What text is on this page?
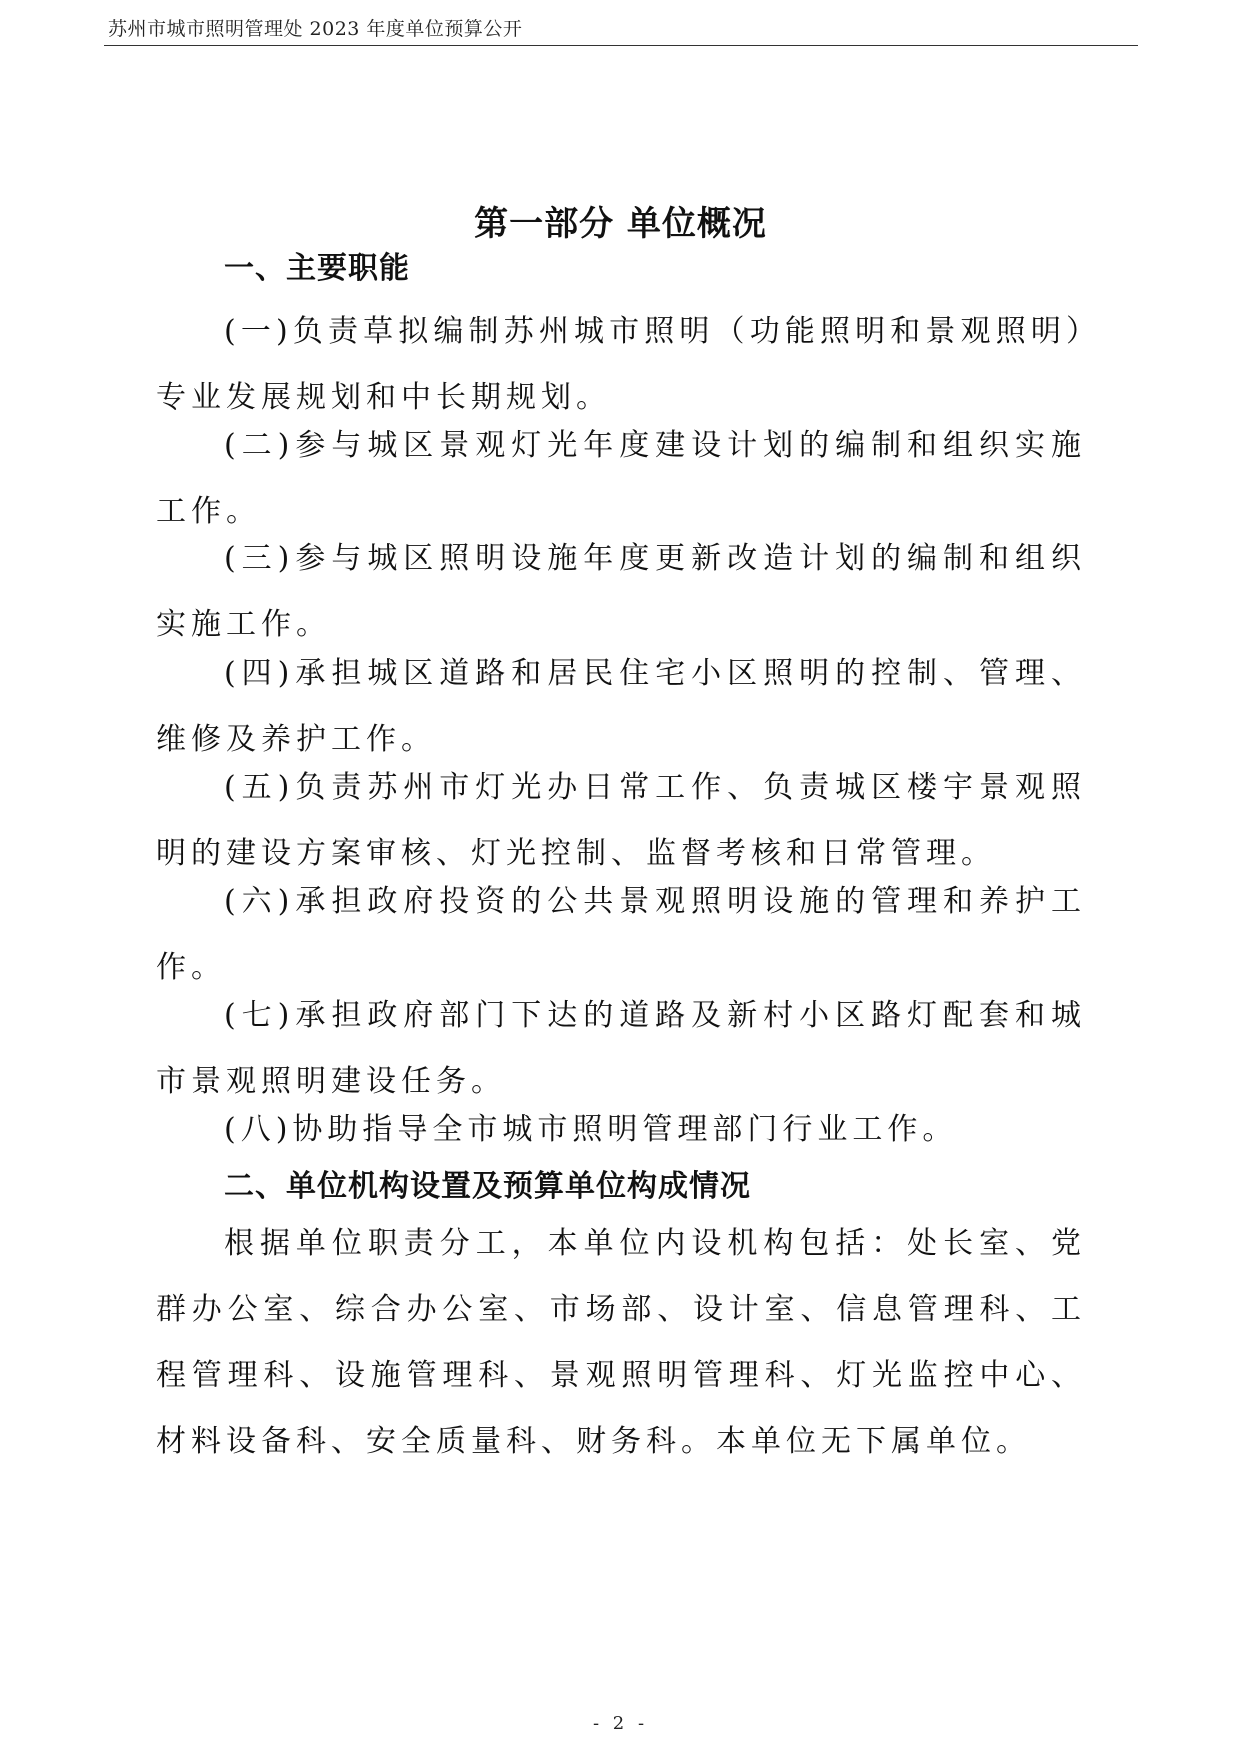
苏州市城市照明管理处 2023 年度单位预算公开
第一部分 单位概况
一、主要职能
(一)负责草拟编制苏州城市照明（功能照明和景观照明）专业发展规划和中长期规划。
(二)参与城区景观灯光年度建设计划的编制和组织实施工作。
(三)参与城区照明设施年度更新改造计划的编制和组织实施工作。
(四)承担城区道路和居民住宅小区照明的控制、管理、维修及养护工作。
(五)负责苏州市灯光办日常工作、负责城区楼宇景观照明的建设方案审核、灯光控制、监督考核和日常管理。
(六)承担政府投资的公共景观照明设施的管理和养护工作。
(七)承担政府部门下达的道路及新村小区路灯配套和城市景观照明建设任务。
(八)协助指导全市城市照明管理部门行业工作。
二、单位机构设置及预算单位构成情况
根据单位职责分工，本单位内设机构包括：处长室、党群办公室、综合办公室、市场部、设计室、信息管理科、工程管理科、设施管理科、景观照明管理科、灯光监控中心、材料设备科、安全质量科、财务科。本单位无下属单位。
- 2 -
